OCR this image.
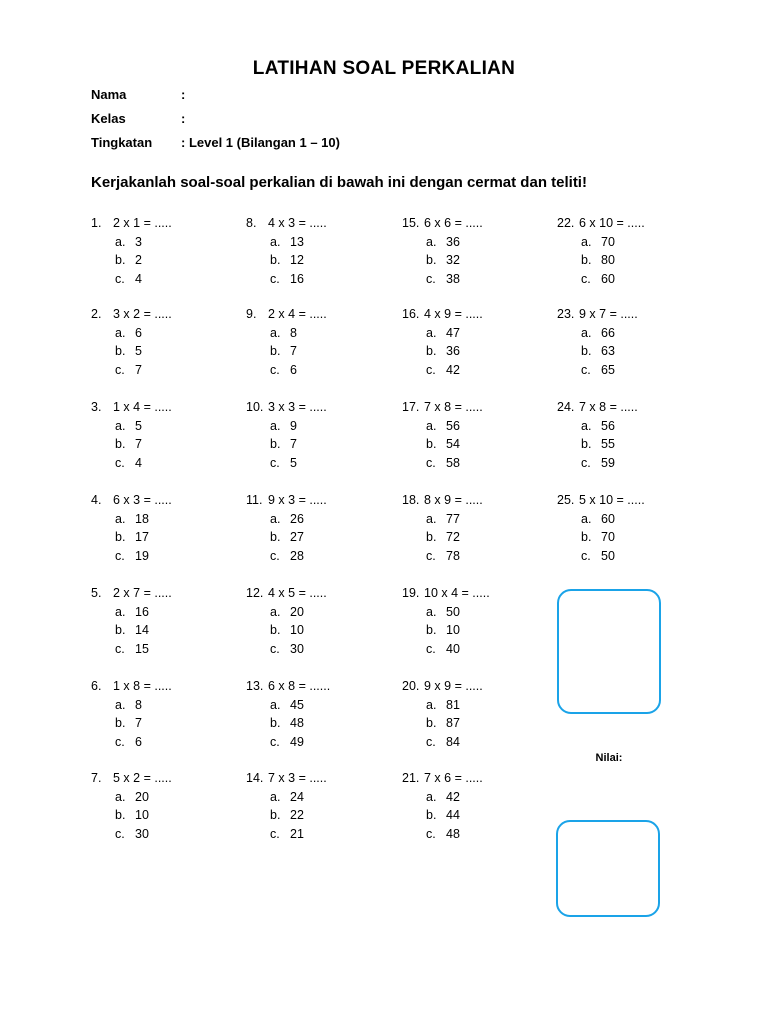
LATIHAN SOAL PERKALIAN
Nama	:
Kelas	:
Tingkatan : Level 1 (Bilangan 1 – 10)
Kerjakanlah soal-soal perkalian di bawah ini dengan cermat dan teliti!
1. 2 x 1 = .....
a. 3
b. 2
c. 4
2. 3 x 2 = .....
a. 6
b. 5
c. 7
3. 1 x 4 = .....
a. 5
b. 7
c. 4
4. 6 x 3 = .....
a. 18
b. 17
c. 19
5. 2 x 7 = .....
a. 16
b. 14
c. 15
6. 1 x 8 = .....
a. 8
b. 7
c. 6
7. 5 x 2 = .....
a. 20
b. 10
c. 30
8. 4 x 3 = .....
a. 13
b. 12
c. 16
9. 2 x 4 = .....
a. 8
b. 7
c. 6
10. 3 x 3 = .....
a. 9
b. 7
c. 5
11. 9 x 3 = .....
a. 26
b. 27
c. 28
12. 4 x 5 = .....
a. 20
b. 10
c. 30
13. 6 x 8 = ......
a. 45
b. 48
c. 49
14. 7 x 3 = .....
a. 24
b. 22
c. 21
15. 6 x 6 = .....
a. 36
b. 32
c. 38
16. 4 x 9 = .....
a. 47
b. 36
c. 42
17. 7 x 8 = .....
a. 56
b. 54
c. 58
18. 8 x 9 = .....
a. 77
b. 72
c. 78
19. 10 x 4 = .....
a. 50
b. 10
c. 40
20. 9 x 9 = .....
a. 81
b. 87
c. 84
21. 7 x 6 = .....
a. 42
b. 44
c. 48
22. 6 x 10 = .....
a. 70
b. 80
c. 60
23. 9 x 7 = .....
a. 66
b. 63
c. 65
24. 7 x 8 = .....
a. 56
b. 55
c. 59
25. 5 x 10 = .....
a. 60
b. 70
c. 50
Nilai:
